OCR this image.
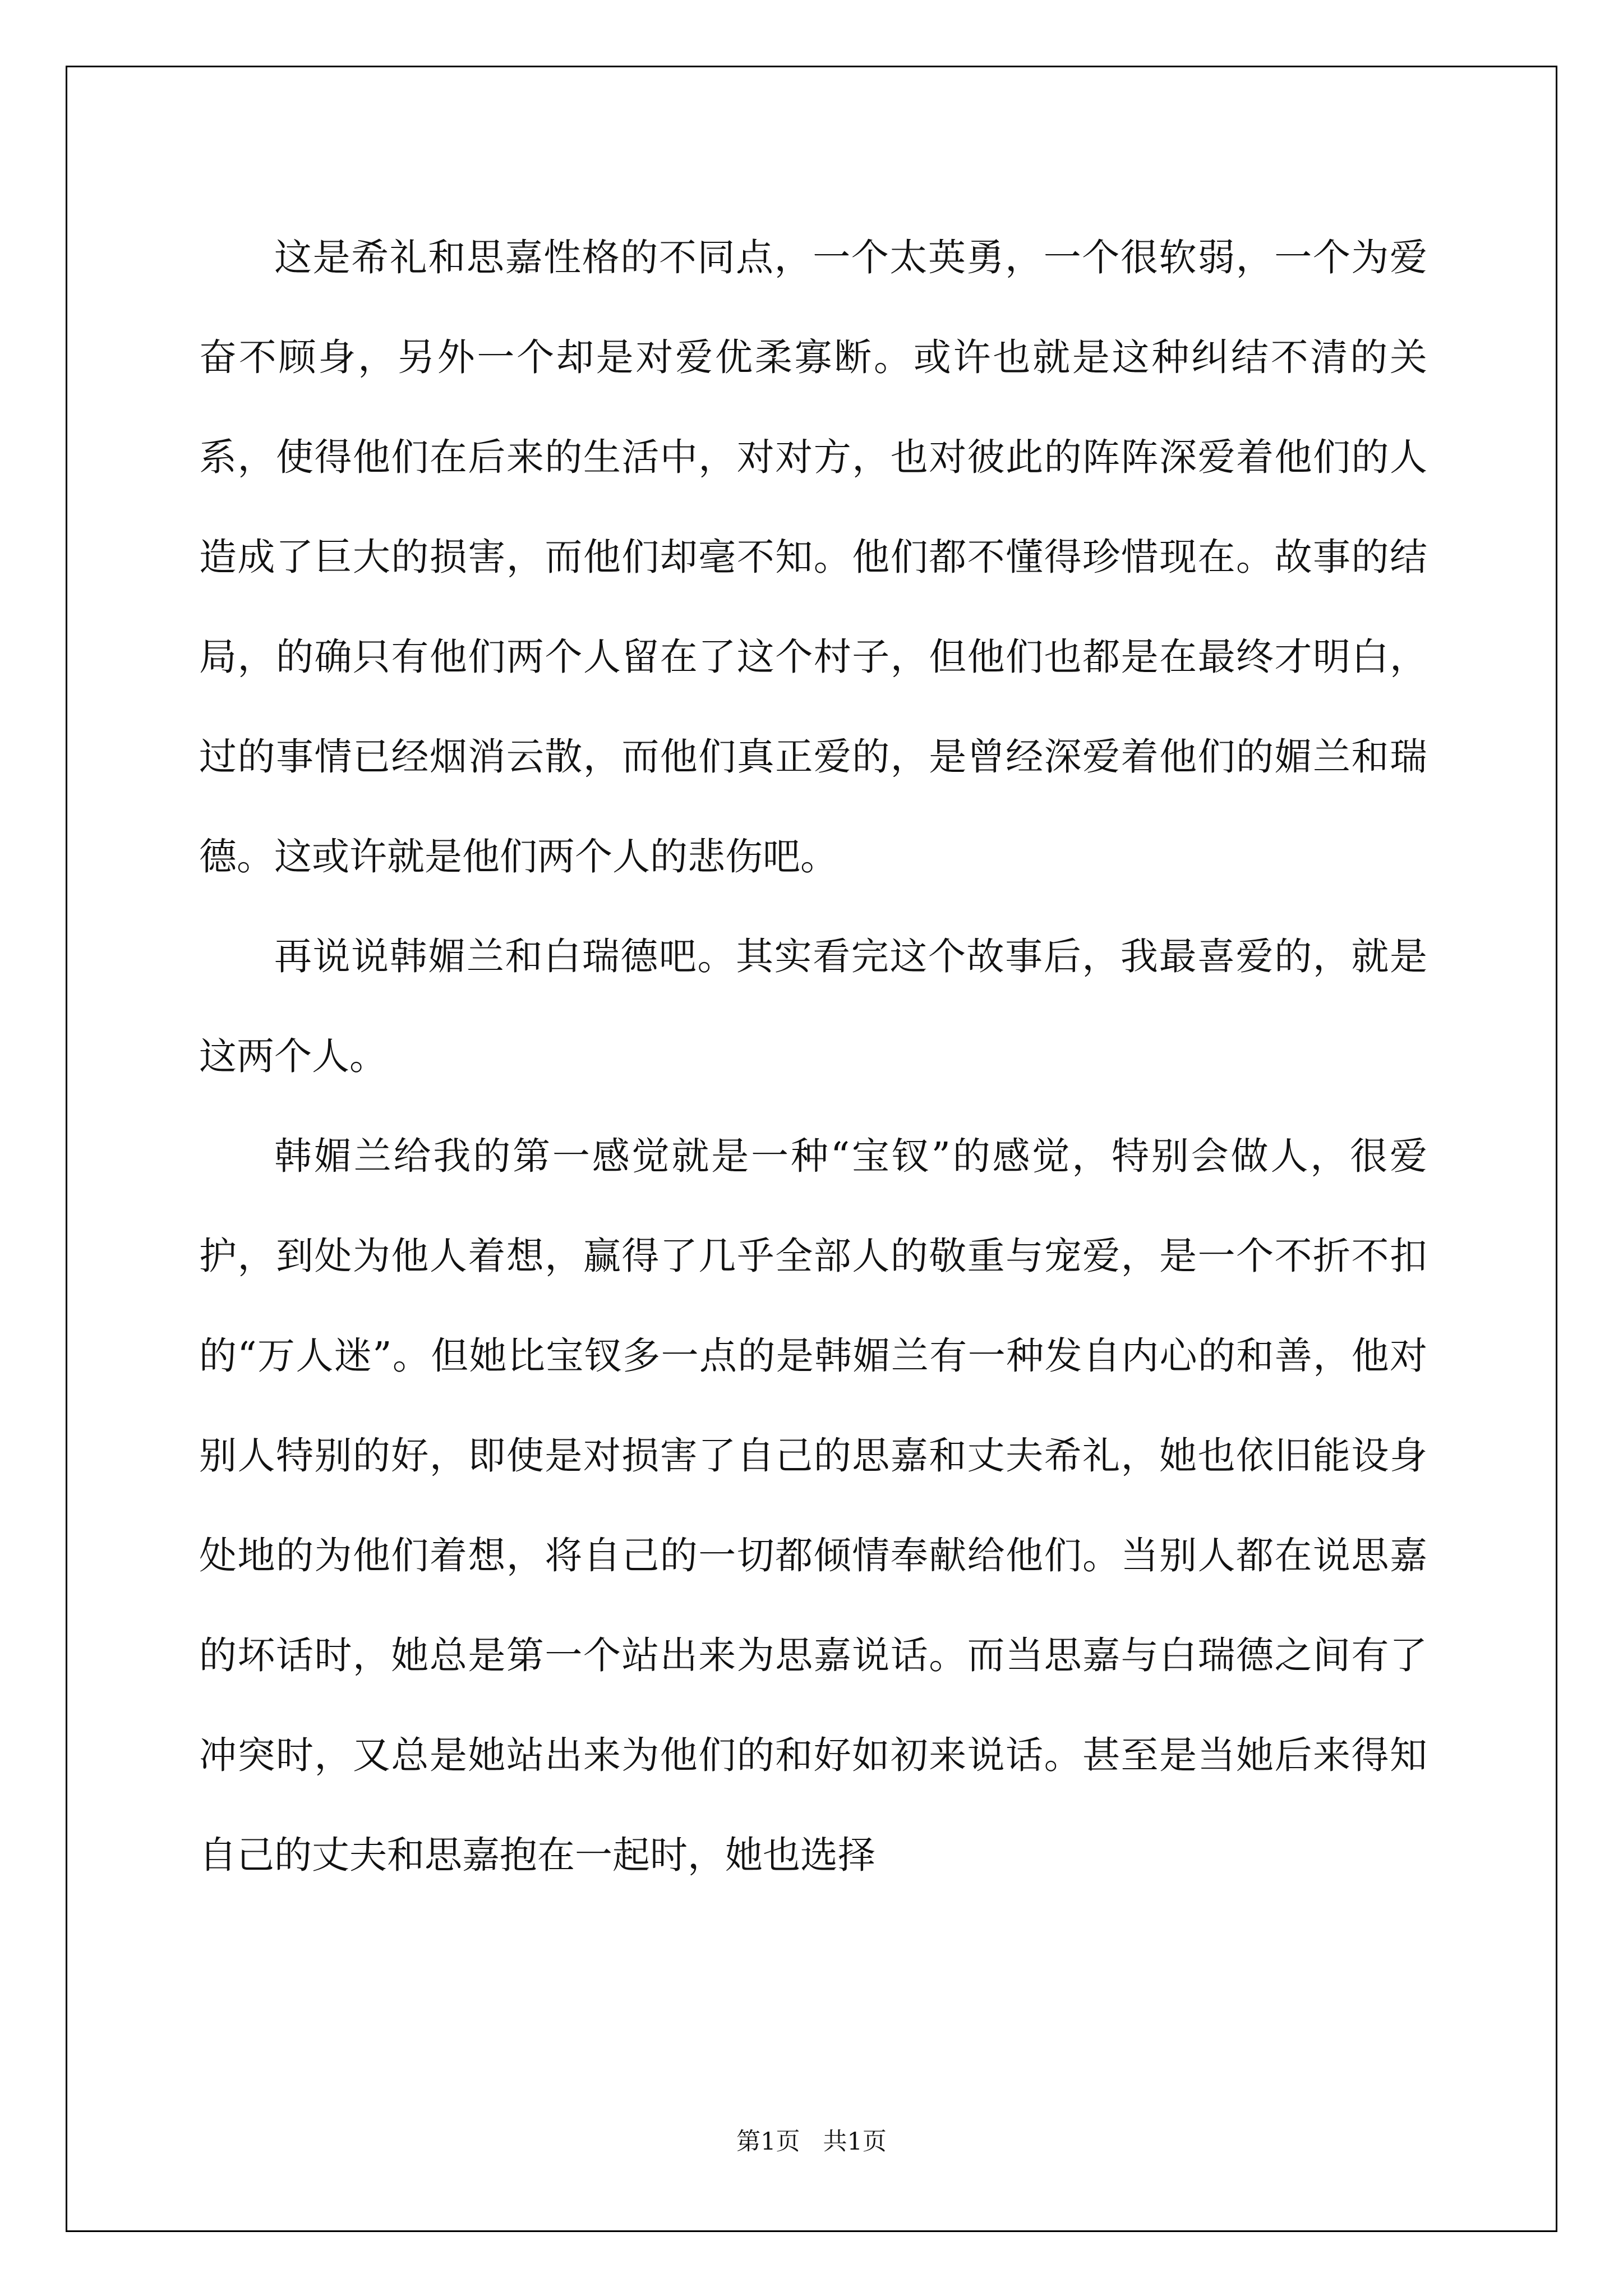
这是希礼和思嘉性格的不同点，一个太英勇，一个很软弱，一个为爱奋不顾身，另外一个却是对爱优柔寡断。或许也就是这种纠结不清的关系，使得他们在后来的生活中，对对方，也对彼此的阵阵深爱着他们的人造成了巨大的损害，而他们却毫不知。他们都不懂得珍惜现在。故事的结局，的确只有他们两个人留在了这个村子，但他们也都是在最终才明白，过的事情已经烟消云散，而他们真正爱的，是曾经深爱着他们的媚兰和瑞德。这或许就是他们两个人的悲伤吧。

再说说韩媚兰和白瑞德吧。其实看完这个故事后，我最喜爱的，就是这两个人。

韩媚兰给我的第一感觉就是一种“宝钗”的感觉，特别会做人，很爱护，到处为他人着想，赢得了几乎全部人的敬重与宠爱，是一个不折不扣的“万人迷”。但她比宝钗多一点的是韩媚兰有一种发自内心的和善，他对别人特别的好，即使是对损害了自己的思嘉和丈夫希礼，她也依旧能设身处地的为他们着想，将自己的一切都倾情奉献给他们。当别人都在说思嘉的坏话时，她总是第一个站出来为思嘉说话。而当思嘉与白瑞德之间有了冲突时，又总是她站出来为他们的和好如初来说话。甚至是当她后来得知自己的丈夫和思嘉抱在一起时，她也选择

第1页 共1页
